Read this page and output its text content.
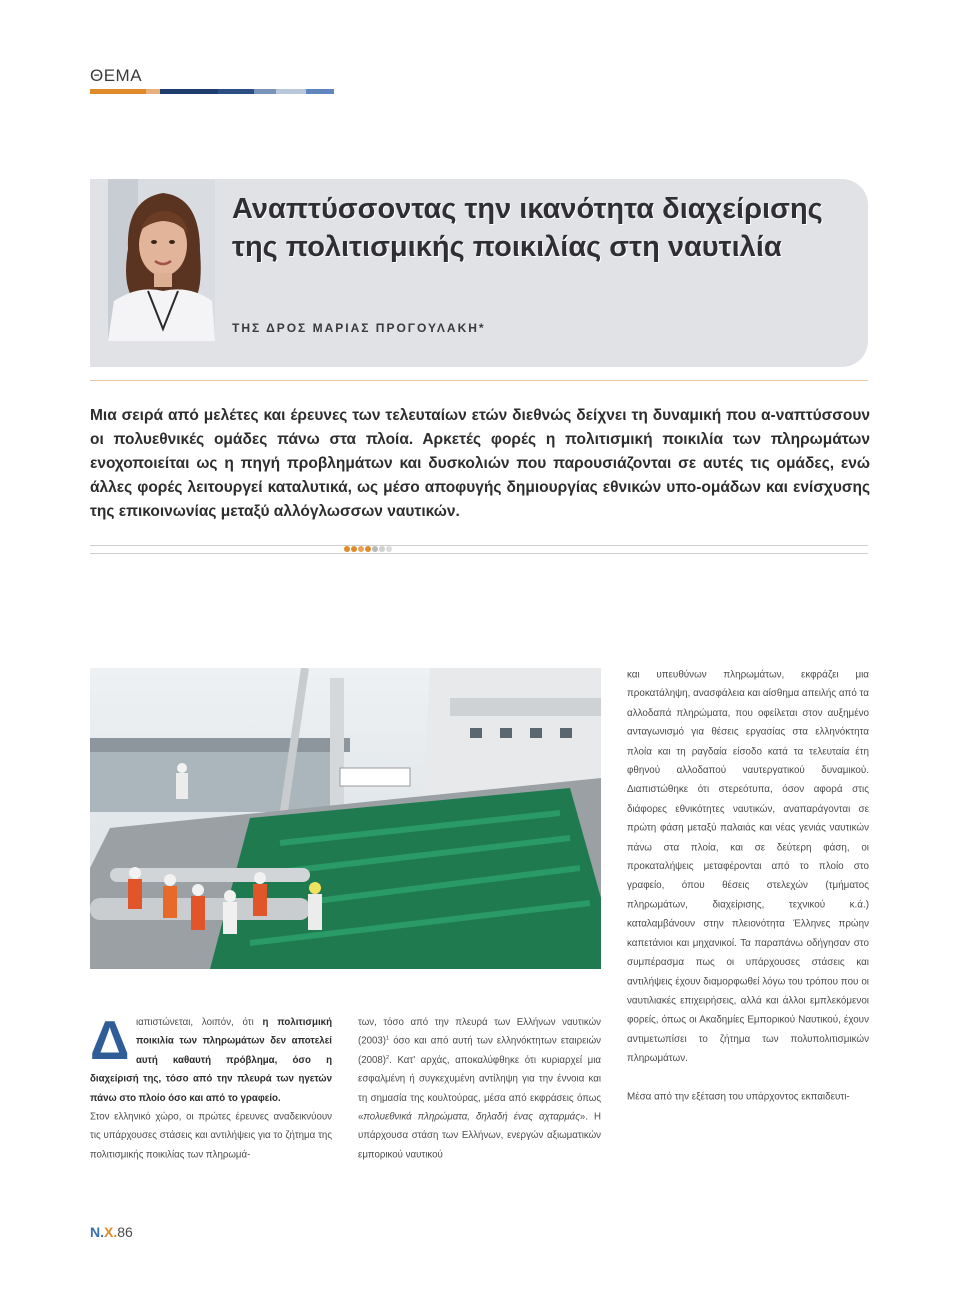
ΘΕΜΑ
Αναπτύσσοντας την ικανότητα διαχείρισης της πολιτισμικής ποικιλίας στη ναυτιλία
ΤΗΣ ΔΡΟΣ ΜΑΡΙΑΣ ΠΡΟΓΟΥΛΑΚΗ*

Μια σειρά από μελέτες και έρευνες των τελευταίων ετών διεθνώς δείχνει τη δυναμική που α-ναπτύσσουν οι πολυεθνικές ομάδες πάνω στα πλοία. Αρκετές φορές η πολιτισμική ποικιλία των πληρωμάτων ενοχοποιείται ως η πηγή προβλημάτων και δυσκολιών που παρουσιάζονται σε αυτές τις ομάδες, ενώ άλλες φορές λειτουργεί καταλυτικά, ως μέσο αποφυγής δημιουργίας εθνικών υπο-ομάδων και ενίσχυσης της επικοινωνίας μεταξύ αλλόγλωσσων ναυτικών.

Διαπιστώνεται, λοιπόν, ότι η πολιτισμική ποικιλία των πληρωμάτων δεν αποτελεί αυτή καθαυτή πρόβλημα, όσο η διαχείρισή της, τόσο από την πλευρά των ηγετών πάνω στο πλοίο όσο και από το γραφείο.

Στον ελληνικό χώρο, οι πρώτες έρευνες αναδεικνύουν τις υπάρχουσες στάσεις και αντιλήψεις για το ζήτημα της πολιτισμικής ποικιλίας των πληρωμά-

των, τόσο από την πλευρά των Ελλήνων ναυτικών $(2003)^1$ όσο και από αυτή των ελληνόκτητων εταιρειών $(2008)^2$. Κατ' αρχάς, αποκαλύφθηκε ότι κυριαρχεί μια εσφαλμένη ή συγκεχυμένη αντίληψη για την έννοια και τη σημασία της κουλτούρας, μέσα από εκφράσεις όπως «πολυεθνικά πληρώματα, δηλαδή ένας αχταρμάς». Η υπάρχουσα στάση των Ελλήνων, ενεργών αξιωματικών εμπορικού ναυτικού

και υπευθύνων πληρωμάτων, εκφράζει μια προκατάληψη, ανασφάλεια και αίσθημα απειλής από τα αλλοδαπά πληρώματα, που οφείλεται στον αυξημένο ανταγωνισμό για θέσεις εργασίας στα ελληνόκτητα πλοία και τη ραγδαία είσοδο κατά τα τελευταία έτη φθηνού αλλοδαπού ναυτεργατικού δυναμικού. Διαπιστώθηκε ότι στερεότυπα, όσον αφορά στις διάφορες εθνικότητες ναυτικών, αναπαράγονται σε πρώτη φάση μεταξύ παλαιάς και νέας γενιάς ναυτικών πάνω στα πλοία, και σε δεύτερη φάση, οι προκαταλήψεις μεταφέρονται από το πλοίο στο γραφείο, όπου θέσεις στελεχών (τμήματος πληρωμάτων, διαχείρισης, τεχνικού κ.ά.) καταλαμβάνουν στην πλειονότητα Έλληνες πρώην καπετάνιοι και μηχανικοί. Τα παραπάνω οδήγησαν στο συμπέρασμα πως οι υπάρχουσες στάσεις και αντιλήψεις έχουν διαμορφωθεί λόγω του τρόπου που οι ναυτιλιακές επιχειρήσεις, αλλά και άλλοι εμπλεκόμενοι φορείς, όπως οι Ακαδημίες Εμπορικού Ναυτικού, έχουν αντιμετωπίσει το ζήτημα των πολυπολιτισμικών πληρωμάτων.

Μέσα από την εξέταση του υπάρχοντος εκπαιδευτι-

N.X.86
